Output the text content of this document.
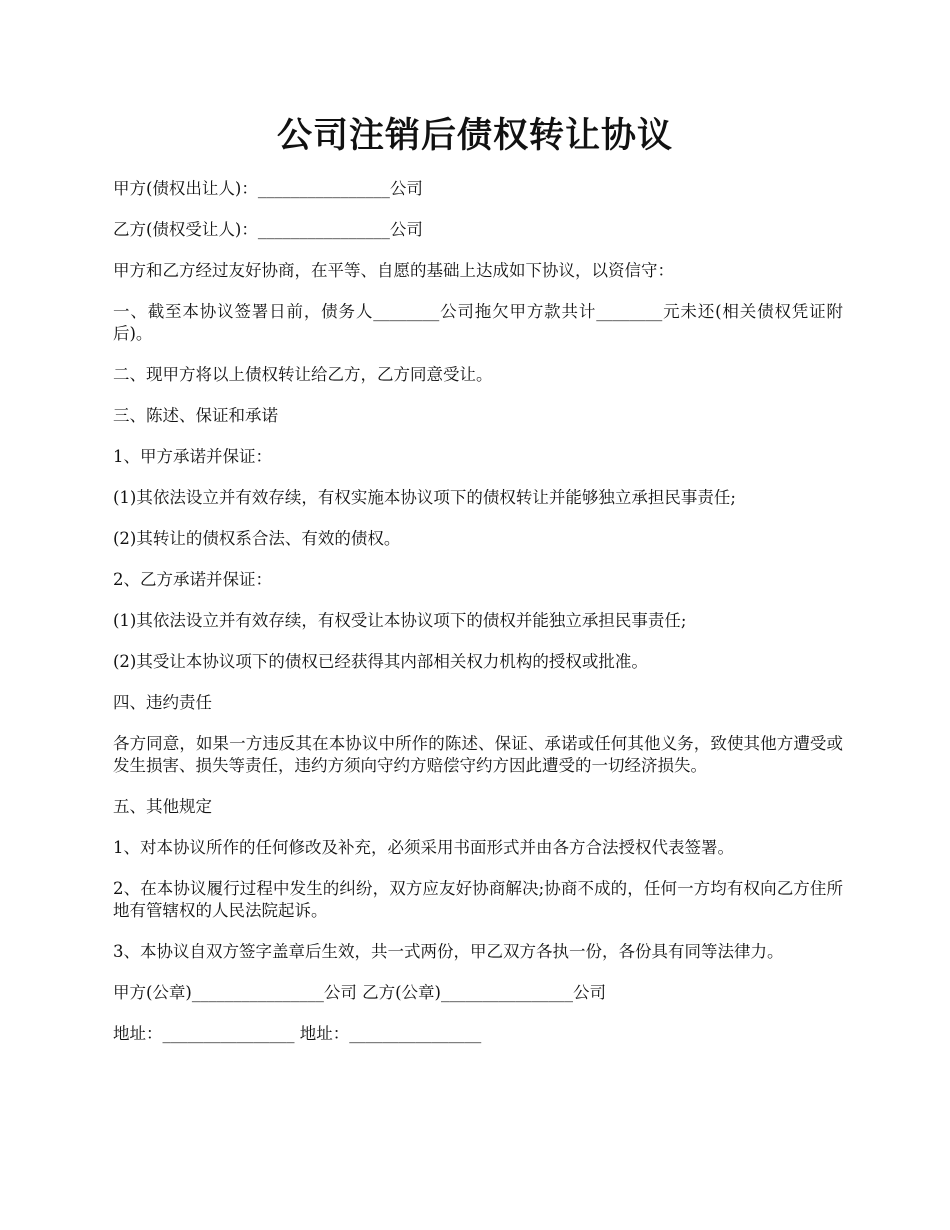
公司注销后债权转让协议

甲方(债权出让人)：________________公司

乙方(债权受让人)：________________公司

甲方和乙方经过友好协商，在平等、自愿的基础上达成如下协议，以资信守：

一、截至本协议签署日前，债务人________公司拖欠甲方款共计________元未还(相关债权凭证附后)。

二、现甲方将以上债权转让给乙方，乙方同意受让。

三、陈述、保证和承诺

1、甲方承诺并保证：

(1)其依法设立并有效存续，有权实施本协议项下的债权转让并能够独立承担民事责任;

(2)其转让的债权系合法、有效的债权。

2、乙方承诺并保证：

(1)其依法设立并有效存续，有权受让本协议项下的债权并能独立承担民事责任;

(2)其受让本协议项下的债权已经获得其内部相关权力机构的授权或批准。

四、违约责任

各方同意，如果一方违反其在本协议中所作的陈述、保证、承诺或任何其他义务，致使其他方遭受或发生损害、损失等责任，违约方须向守约方赔偿守约方因此遭受的一切经济损失。

五、其他规定

1、对本协议所作的任何修改及补充，必须采用书面形式并由各方合法授权代表签署。

2、在本协议履行过程中发生的纠纷，双方应友好协商解决;协商不成的，任何一方均有权向乙方住所地有管辖权的人民法院起诉。

3、本协议自双方签字盖章后生效，共一式两份，甲乙双方各执一份，各份具有同等法律力。

甲方(公章)________________公司 乙方(公章)________________公司

地址：________________ 地址：________________
